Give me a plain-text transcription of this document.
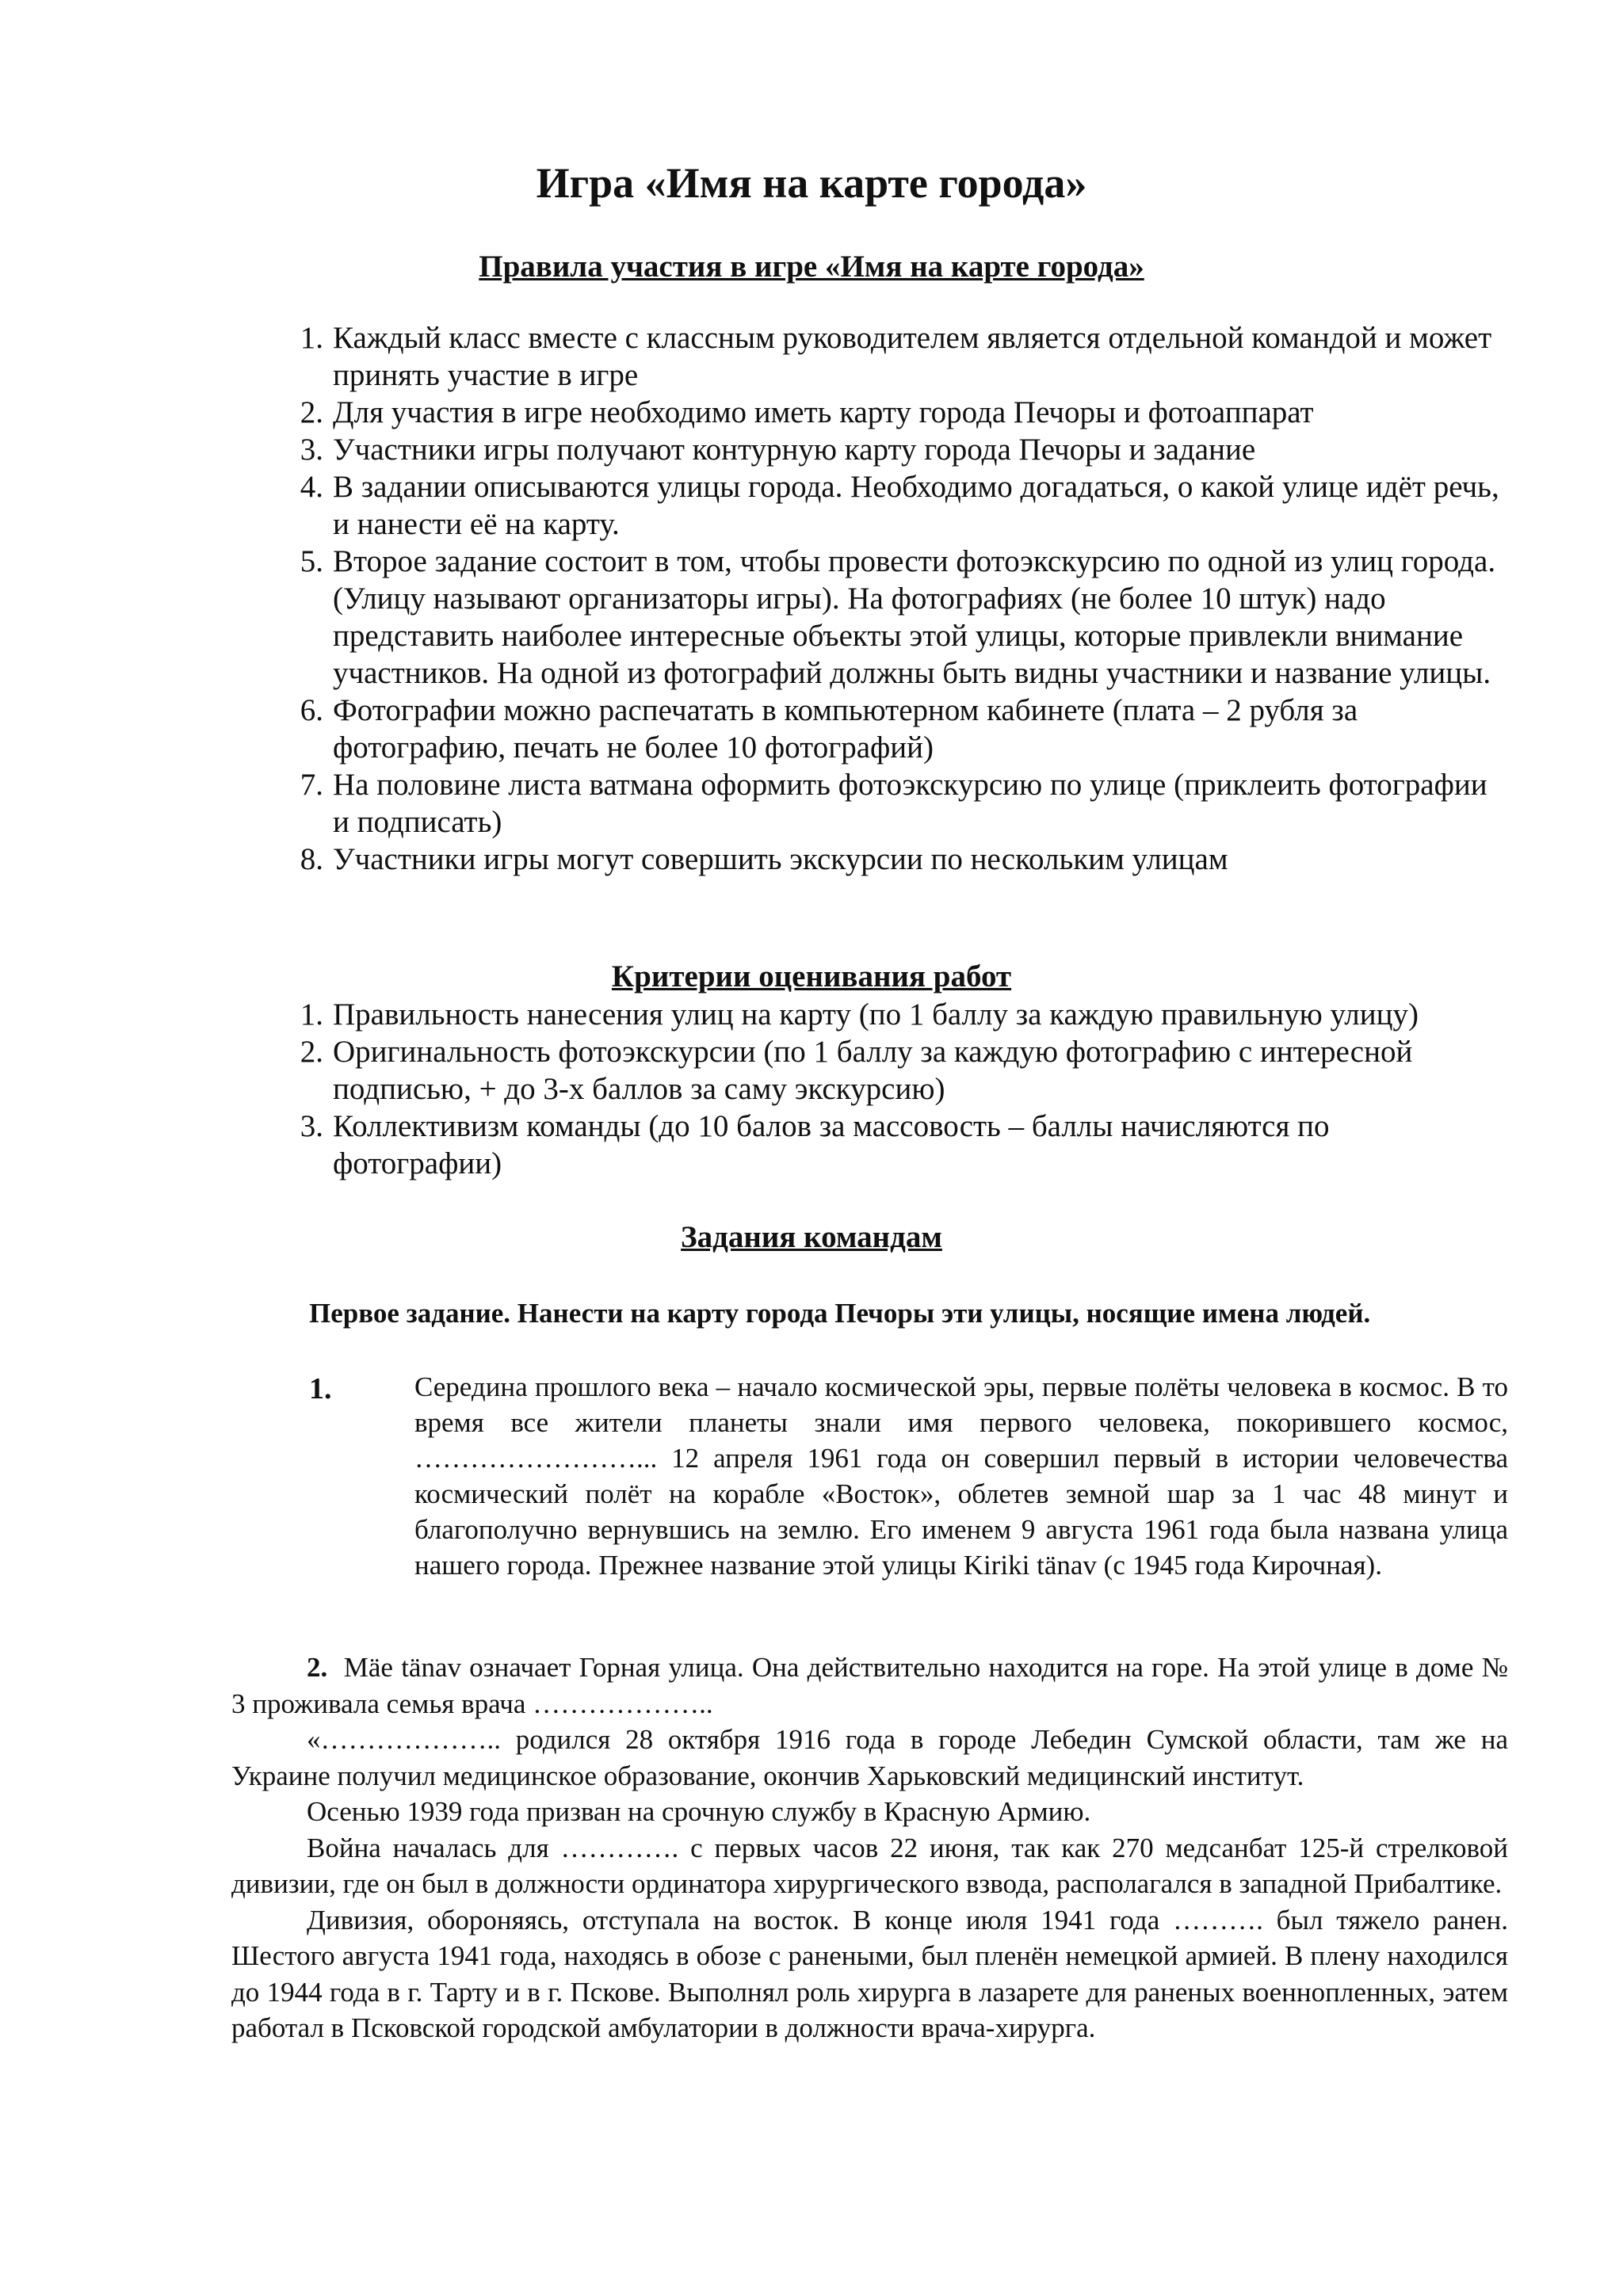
Игра «Имя на карте города»
Правила участия в игре «Имя на карте города»
1. Каждый класс вместе с классным руководителем является отдельной командой и может принять участие в игре
2. Для участия в игре необходимо иметь карту города Печоры и фотоаппарат
3. Участники игры получают контурную карту города Печоры и задание
4. В задании описываются улицы города. Необходимо догадаться, о какой улице идёт речь, и нанести её на карту.
5. Второе задание состоит в том, чтобы провести фотоэкскурсию по одной из улиц города. (Улицу называют организаторы игры). На фотографиях (не более 10 штук) надо представить наиболее интересные объекты этой улицы, которые привлекли внимание участников. На одной из фотографий должны быть видны участники и название улицы.
6. Фотографии можно распечатать в компьютерном кабинете (плата – 2 рубля за фотографию, печать не более 10 фотографий)
7. На половине листа ватмана оформить фотоэкскурсию по улице (приклеить фотографии и подписать)
8. Участники игры могут совершить экскурсии по нескольким улицам
Критерии оценивания работ
1. Правильность нанесения улиц на карту (по 1 баллу за каждую правильную улицу)
2. Оригинальность фотоэкскурсии (по 1 баллу за каждую фотографию с интересной подписью, + до 3-х баллов за саму экскурсию)
3. Коллективизм команды (до 10 балов за массовость – баллы начисляются по фотографии)
Задания командам

Первое задание. Нанести на карту города Печоры эти улицы, носящие имена людей.

1.	Середина прошлого века – начало космической эры, первые полёты человека в космос. В то время все жители планеты знали имя первого человека, покорившего космос, ……………………... 12 апреля 1961 года он совершил первый в истории человечества космический полёт на корабле «Восток», облетев земной шар за 1 час 48 минут и благополучно вернувшись на землю. Его именем 9 августа 1961 года была названа улица нашего города. Прежнее название этой улицы Kiriki tänav (с 1945 года Кирочная).

2. Mäe tänav означает Горная улица. Она действительно находится на горе. На этой улице в доме № 3 проживала семья врача ………………..

«……………….. родился 28 октября 1916 года в городе Лебедин Сумской области, там же на Украине получил медицинское образование, окончив Харьковский медицинский институт.

Осенью 1939 года призван на срочную службу в Красную Армию.

Война началась для …………. с первых часов 22 июня, так как 270 медсанбат 125-й стрелковой дивизии, где он был в должности ординатора хирургического взвода, располагался в западной Прибалтике.

Дивизия, обороняясь, отступала на восток. В конце июля 1941 года ………. был тяжело ранен. Шестого августа 1941 года, находясь в обозе с ранеными, был пленён немецкой армией. В плену находился до 1944 года в г. Тарту и в г. Пскове. Выполнял роль хирурга в лазарете для раненых военнопленных, эатем работал в Псковской городской амбулатории в должности врача-хирурга.
